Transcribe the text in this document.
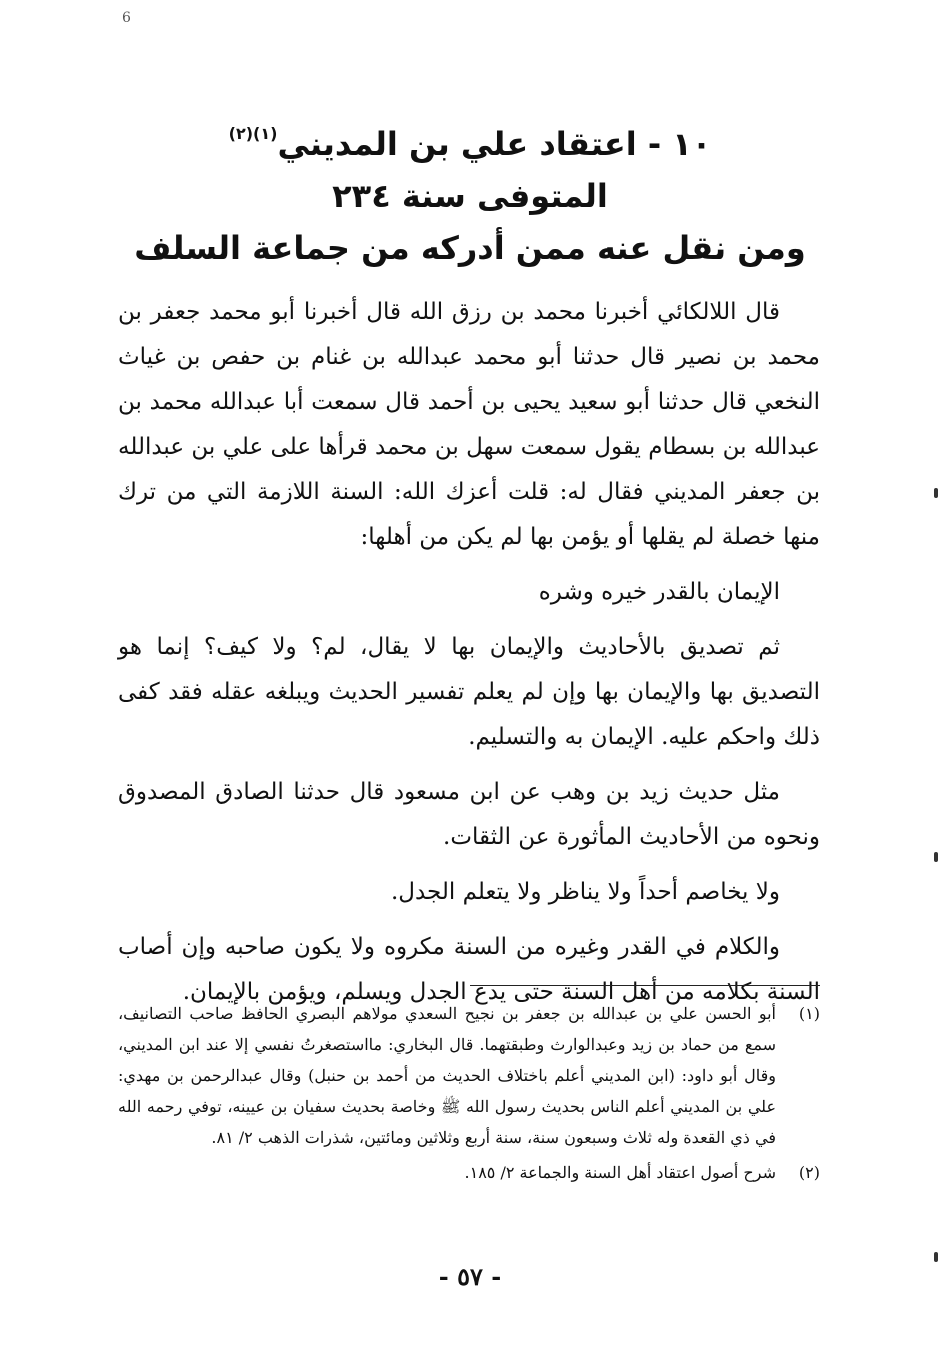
6
١٠ - اعتقاد علي بن المديني$^{(١)(٢)}$
المتوفى سنة ٢٣٤
ومن نقل عنه ممن أدركه من جماعة السلف

قال اللالكائي أخبرنا محمد بن رزق الله قال أخبرنا أبو محمد جعفر بن محمد بن نصير قال حدثنا أبو محمد عبدالله بن غنام بن حفص بن غياث النخعي قال حدثنا أبو سعيد يحيى بن أحمد قال سمعت أبا عبدالله محمد بن عبدالله بن بسطام يقول سمعت سهل بن محمد قرأها على علي بن عبدالله بن جعفر المديني فقال له: قلت أعزك الله: السنة اللازمة التي من ترك منها خصلة لم يقلها أو يؤمن بها لم يكن من أهلها:

الإيمان بالقدر خيره وشره

ثم تصديق بالأحاديث والإيمان بها لا يقال، لم؟ ولا كيف؟ إنما هو التصديق بها والإيمان بها وإن لم يعلم تفسير الحديث ويبلغه عقله فقد كفى ذلك واحكم عليه. الإيمان به والتسليم.

مثل حديث زيد بن وهب عن ابن مسعود قال حدثنا الصادق المصدوق ونحوه من الأحاديث المأثورة عن الثقات.

ولا يخاصم أحداً ولا يناظر ولا يتعلم الجدل.

والكلام في القدر وغيره من السنة مكروه ولا يكون صاحبه وإن أصاب السنة بكلامه من أهل السنة حتى يدع الجدل ويسلم، ويؤمن بالإيمان.

(١)
أبو الحسن علي بن عبدالله بن جعفر بن نجيح السعدي مولاهم البصري الحافظ صاحب التصانيف، سمع من حماد بن زيد وعبدالوارث وطبقتهما. قال البخاري: مااستصغرتُ نفسي إلا عند ابن المديني، وقال أبو داود: (ابن المديني أعلم باختلاف الحديث من أحمد بن حنبل) وقال عبدالرحمن بن مهدي: علي بن المديني أعلم الناس بحديث رسول الله ﷺ وخاصة بحديث سفيان بن عيينه، توفي رحمه الله في ذي القعدة وله ثلاث وسبعون سنة، سنة أربع وثلاثين ومائتين، شذرات الذهب ٢/ ٨١.
(٢)
شرح أصول اعتقاد أهل السنة والجماعة ٢/ ١٨٥.
- ٥٧ -
